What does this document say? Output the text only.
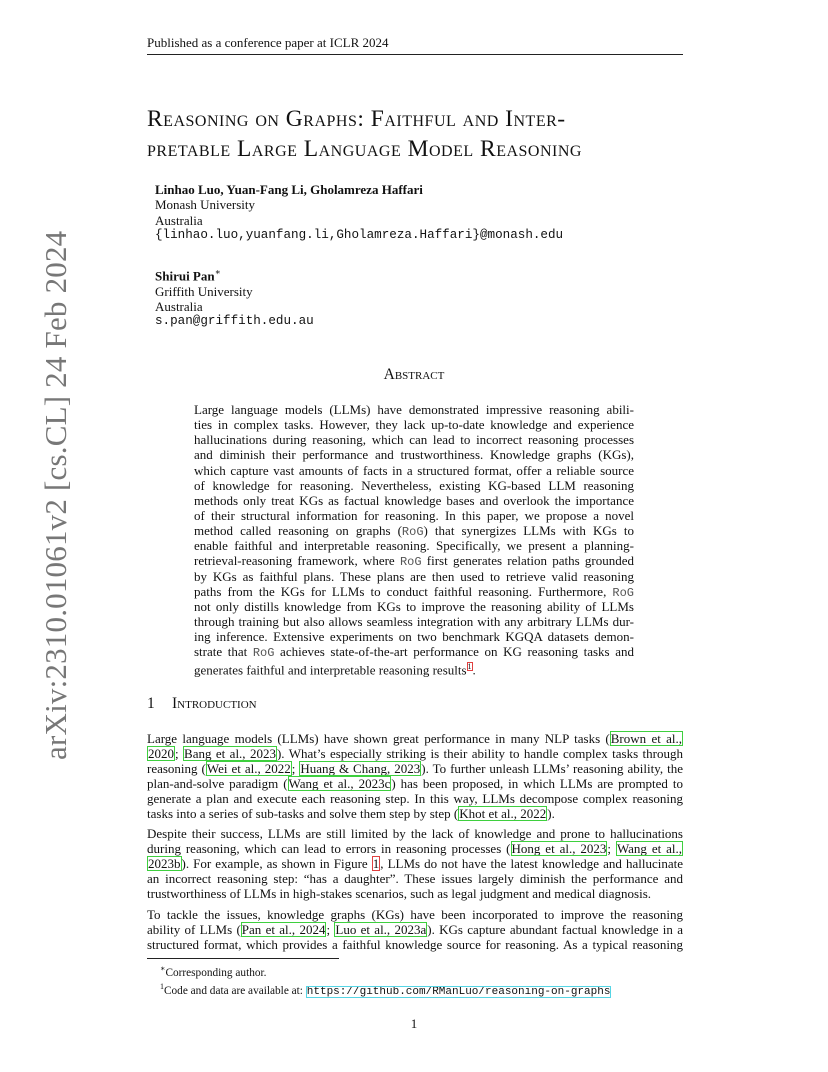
Published as a conference paper at ICLR 2024
arXiv:2310.01061v2 [cs.CL] 24 Feb 2024
Reasoning on Graphs: Faithful and Inter-
pretable Large Language Model Reasoning
Linhao Luo, Yuan-Fang Li, Gholamreza Haffari
Monash University
Australia
{linhao.luo,yuanfang.li,Gholamreza.Haffari}@monash.edu
Shirui Pan∗
Griffith University
Australia
s.pan@griffith.edu.au
Abstract
Large language models (LLMs) have demonstrated impressive reasoning abili-
ties in complex tasks. However, they lack up-to-date knowledge and experience
hallucinations during reasoning, which can lead to incorrect reasoning processes
and diminish their performance and trustworthiness. Knowledge graphs (KGs),
which capture vast amounts of facts in a structured format, offer a reliable source
of knowledge for reasoning. Nevertheless, existing KG-based LLM reasoning
methods only treat KGs as factual knowledge bases and overlook the importance
of their structural information for reasoning. In this paper, we propose a novel
method called reasoning on graphs (RoG) that synergizes LLMs with KGs to
enable faithful and interpretable reasoning. Specifically, we present a planning-
retrieval-reasoning framework, where RoG first generates relation paths grounded
by KGs as faithful plans. These plans are then used to retrieve valid reasoning
paths from the KGs for LLMs to conduct faithful reasoning. Furthermore, RoG
not only distills knowledge from KGs to improve the reasoning ability of LLMs
through training but also allows seamless integration with any arbitrary LLMs dur-
ing inference. Extensive experiments on two benchmark KGQA datasets demon-
strate that RoG achieves state-of-the-art performance on KG reasoning tasks and
generates faithful and interpretable reasoning results$^1$.
1 Introduction
Large language models (LLMs) have shown great performance in many NLP tasks (Brown et al.,
2020; Bang et al., 2023). What’s especially striking is their ability to handle complex tasks through
reasoning (Wei et al., 2022; Huang & Chang, 2023). To further unleash LLMs’ reasoning ability, the
plan-and-solve paradigm (Wang et al., 2023c) has been proposed, in which LLMs are prompted to
generate a plan and execute each reasoning step. In this way, LLMs decompose complex reasoning
tasks into a series of sub-tasks and solve them step by step (Khot et al., 2022).
Despite their success, LLMs are still limited by the lack of knowledge and prone to hallucinations
during reasoning, which can lead to errors in reasoning processes (Hong et al., 2023; Wang et al.,
2023b). For example, as shown in Figure 1, LLMs do not have the latest knowledge and hallucinate
an incorrect reasoning step: “has a daughter”. These issues largely diminish the performance and
trustworthiness of LLMs in high-stakes scenarios, such as legal judgment and medical diagnosis.
To tackle the issues, knowledge graphs (KGs) have been incorporated to improve the reasoning
ability of LLMs (Pan et al., 2024; Luo et al., 2023a). KGs capture abundant factual knowledge in a
structured format, which provides a faithful knowledge source for reasoning. As a typical reasoning
∗Corresponding author.
$^1$Code and data are available at: https://github.com/RManLuo/reasoning-on-graphs
1
